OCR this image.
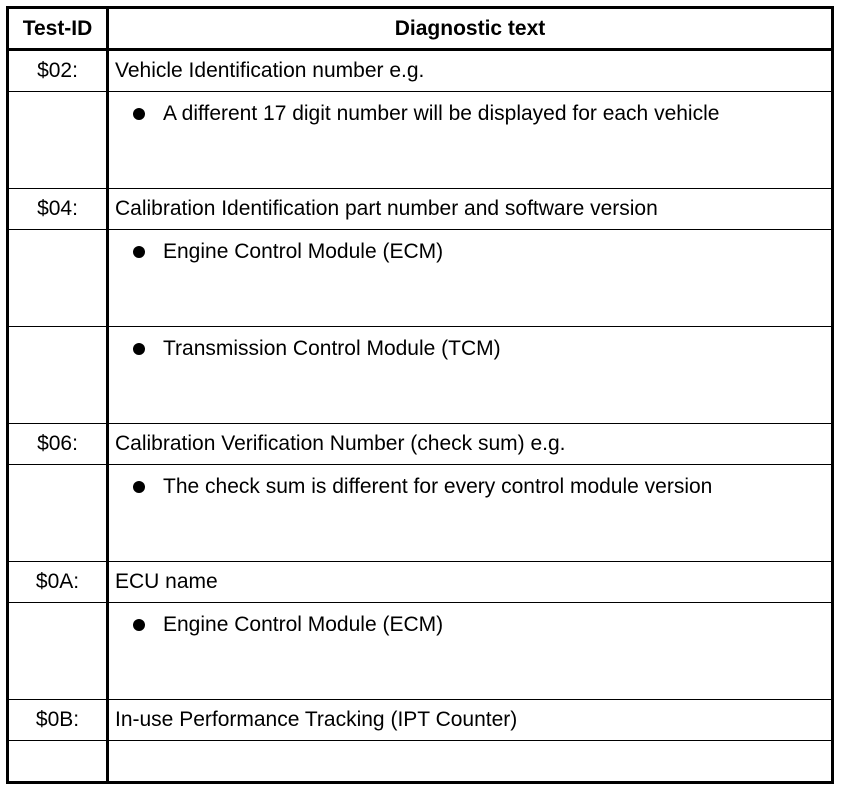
Test-ID	Diagnostic text
$02:	Vehicle Identification number e.g.

	A different 17 digit number will be displayed for each vehicle

$04:	Calibration Identification part number and software version

	Engine Control Module (ECM)

	Transmission Control Module (TCM)

$06:	Calibration Verification Number (check sum) e.g.

	The check sum is different for every control module version

$0A:	ECU name

	Engine Control Module (ECM)

$0B:	In-use Performance Tracking (IPT Counter)
